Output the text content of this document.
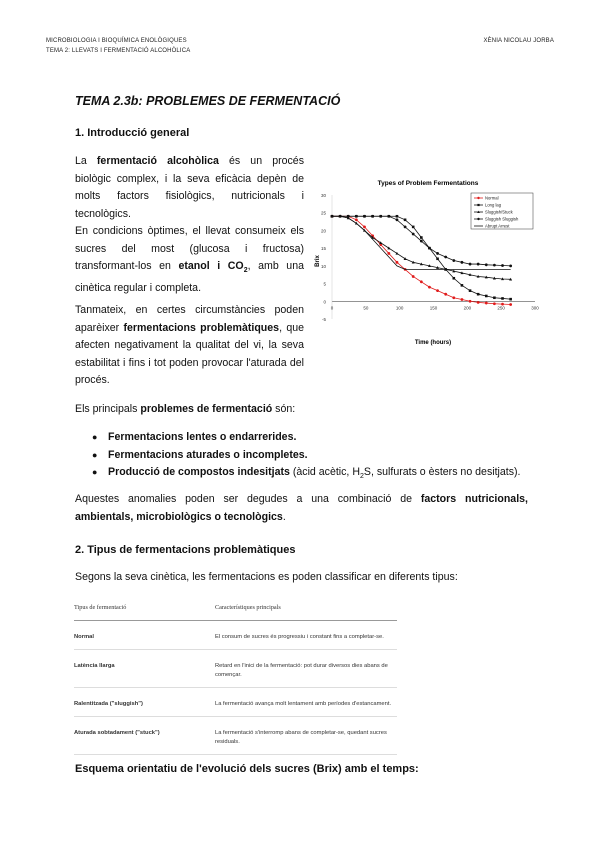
MICROBIOLOGIA I BIOQUÍMICA ENOLÒGIQUES
TEMA 2: LLEVATS I FERMENTACIÓ ALCOHÒLICA
XÈNIA NICOLAU JORBA
TEMA 2.3b: PROBLEMES DE FERMENTACIÓ
1. Introducció general
La fermentació alcohòlica és un procés biològic complex, i la seva eficàcia depèn de molts factors fisiològics, nutricionals i tecnològics.
En condicions òptimes, el llevat consumeix els sucres del most (glucosa i fructosa) transformant-los en etanol i $CO_2$, amb una cinètica regular i completa.
Tanmateix, en certes circumstàncies poden aparèixer fermentacions problemàtiques, que afecten negativament la qualitat del vi, la seva estabilitat i fins i tot poden provocar l'aturada del procés.
Els principals problemes de fermentació són:
● Fermentacions lentes o endarrerides.
● Fermentacions aturades o incompletes.
● Producció de compostos indesitjats (àcid acètic, $H_2S$, sulfurats o èsters no desitjats).
Aquestes anomalies poden ser degudes a una combinació de factors nutricionals, ambientals, microbiològics o tecnològics.
2. Tipus de fermentacions problemàtiques
Segons la seva cinètica, les fermentacions es poden classificar en diferents tipus:
Tipus de fermentació	Característiques principals
Normal	El consum de sucres és progressiu i constant fins a completar-se.
Latència llarga	Retard en l'inici de la fermentació: pot durar diversos dies abans de començar.
Ralentitzada ("sluggish")	La fermentació avança molt lentament amb períodes d'estancament.
Aturada sobtadament ("stuck")	La fermentació s'interromp abans de completar-se, quedant sucres residuals.
Esquema orientatiu de l'evolució dels sucres (Brix) amb el temps:
Types of Problem Fermentations
-5
0
5
10
15
20
25
30
0	50	100	150	200	250	300
Normal
Long lag
Sluggish/Stuck
Sluggish Sluggish
Abrupt Arrest
Time (hours)
Brix
